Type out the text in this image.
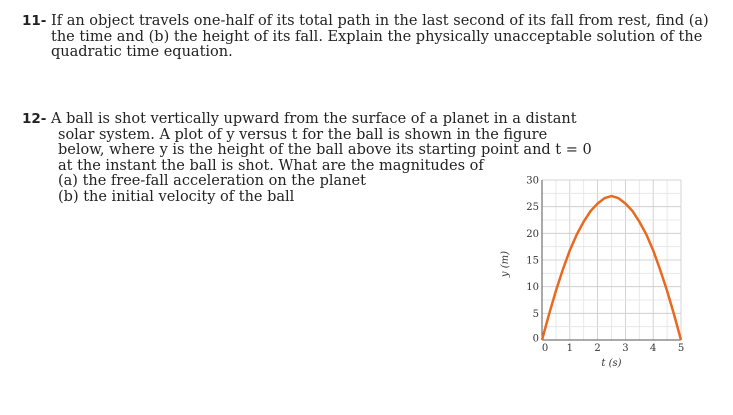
11- If an object travels one-half of its total path in the last second of its fall from rest, find (a)
the time and (b) the height of its fall. Explain the physically unacceptable solution of the
quadratic time equation.
12- A ball is shot vertically upward from the surface of a planet in a distant
solar system. A plot of y versus t for the ball is shown in the figure
below, where y is the height of the ball above its starting point and t = 0
at the instant the ball is shot. What are the magnitudes of
(a) the free-fall acceleration on the planet
(b) the initial velocity of the ball
0
5
10
15
20
25
30
0 1 2 3 4 5
t (s)
y (m)
